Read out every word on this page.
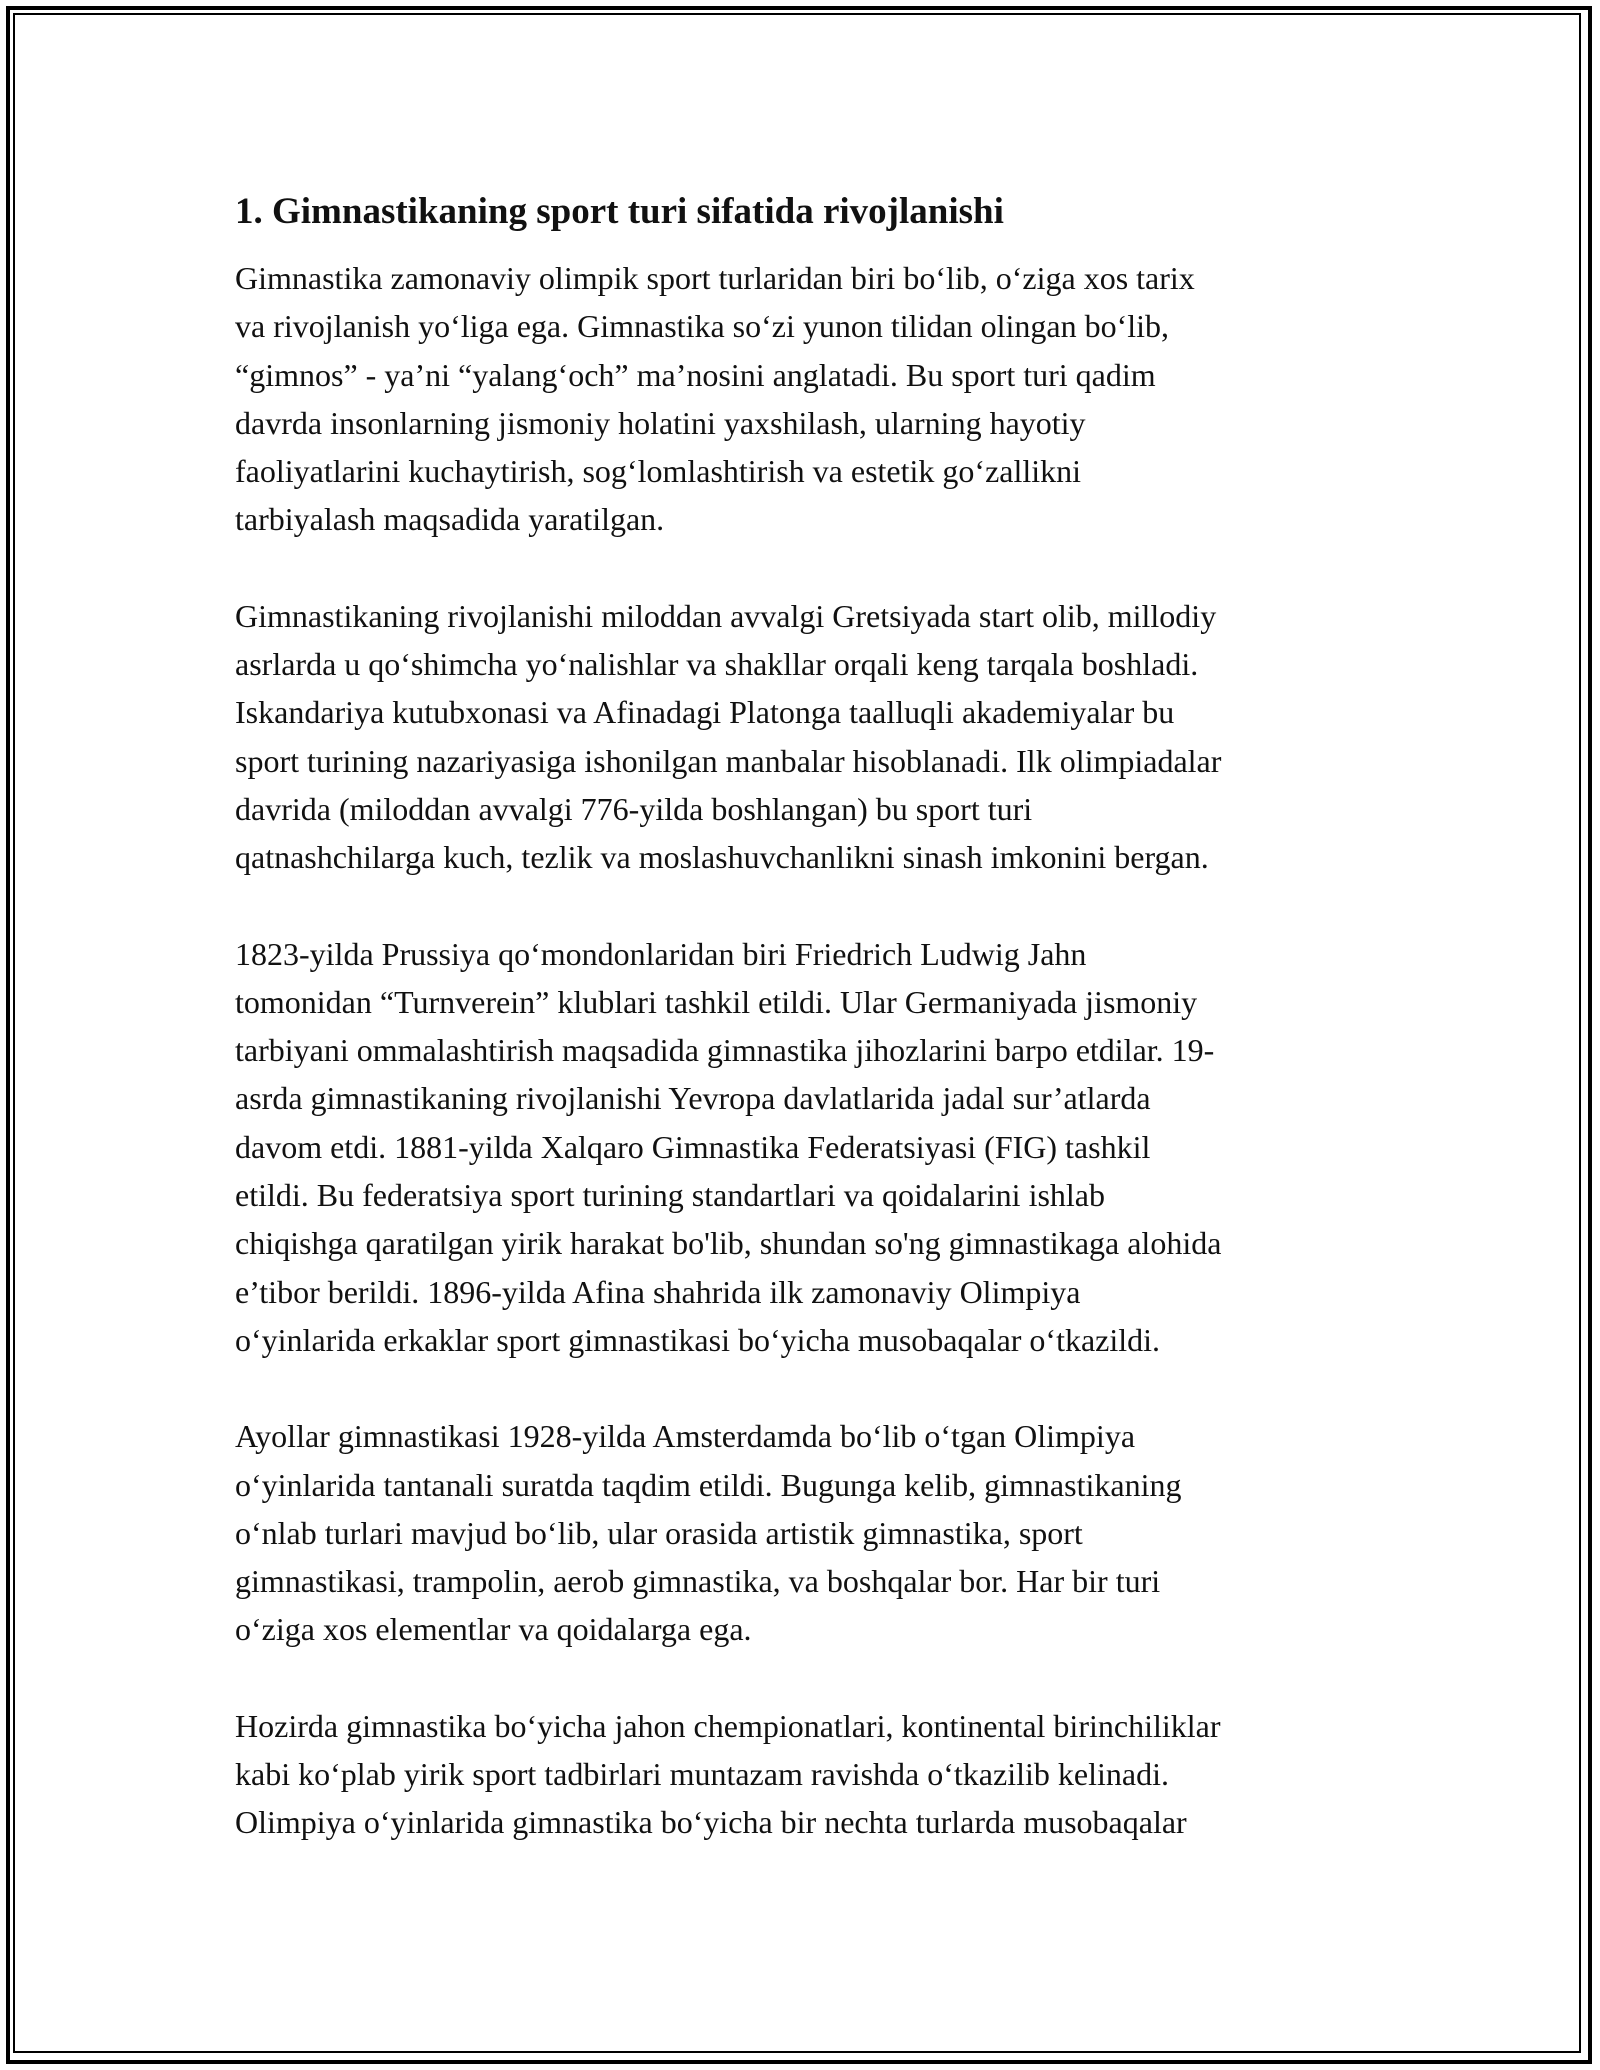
1. Gimnastikaning sport turi sifatida rivojlanishi
Gimnastika zamonaviy olimpik sport turlaridan biri bo‘lib, o‘ziga xos tarix
va rivojlanish yo‘liga ega. Gimnastika so‘zi yunon tilidan olingan bo‘lib,
“gimnos” - ya’ni “yalang‘och” ma’nosini anglatadi. Bu sport turi qadim
davrda insonlarning jismoniy holatini yaxshilash, ularning hayotiy
faoliyatlarini kuchaytirish, sog‘lomlashtirish va estetik go‘zallikni
tarbiyalash maqsadida yaratilgan.
Gimnastikaning rivojlanishi miloddan avvalgi Gretsiyada start olib, millodiy
asrlarda u qo‘shimcha yo‘nalishlar va shakllar orqali keng tarqala boshladi.
Iskandariya kutubxonasi va Afinadagi Platonga taalluqli akademiyalar bu
sport turining nazariyasiga ishonilgan manbalar hisoblanadi. Ilk olimpiadalar
davrida (miloddan avvalgi 776-yilda boshlangan) bu sport turi
qatnashchilarga kuch, tezlik va moslashuvchanlikni sinash imkonini bergan.
1823-yilda Prussiya qo‘mondonlaridan biri Friedrich Ludwig Jahn
tomonidan “Turnverein” klublari tashkil etildi. Ular Germaniyada jismoniy
tarbiyani ommalashtirish maqsadida gimnastika jihozlarini barpo etdilar. 19-
asrda gimnastikaning rivojlanishi Yevropa davlatlarida jadal sur’atlarda
davom etdi. 1881-yilda Xalqaro Gimnastika Federatsiyasi (FIG) tashkil
etildi. Bu federatsiya sport turining standartlari va qoidalarini ishlab
chiqishga qaratilgan yirik harakat bo'lib, shundan so'ng gimnastikaga alohida
e’tibor berildi. 1896-yilda Afina shahrida ilk zamonaviy Olimpiya
o‘yinlarida erkaklar sport gimnastikasi bo‘yicha musobaqalar o‘tkazildi.
Ayollar gimnastikasi 1928-yilda Amsterdamda bo‘lib o‘tgan Olimpiya
o‘yinlarida tantanali suratda taqdim etildi. Bugunga kelib, gimnastikaning
o‘nlab turlari mavjud bo‘lib, ular orasida artistik gimnastika, sport
gimnastikasi, trampolin, aerob gimnastika, va boshqalar bor. Har bir turi
o‘ziga xos elementlar va qoidalarga ega.
Hozirda gimnastika bo‘yicha jahon chempionatlari, kontinental birinchiliklar
kabi ko‘plab yirik sport tadbirlari muntazam ravishda o‘tkazilib kelinadi.
Olimpiya o‘yinlarida gimnastika bo‘yicha bir nechta turlarda musobaqalar
